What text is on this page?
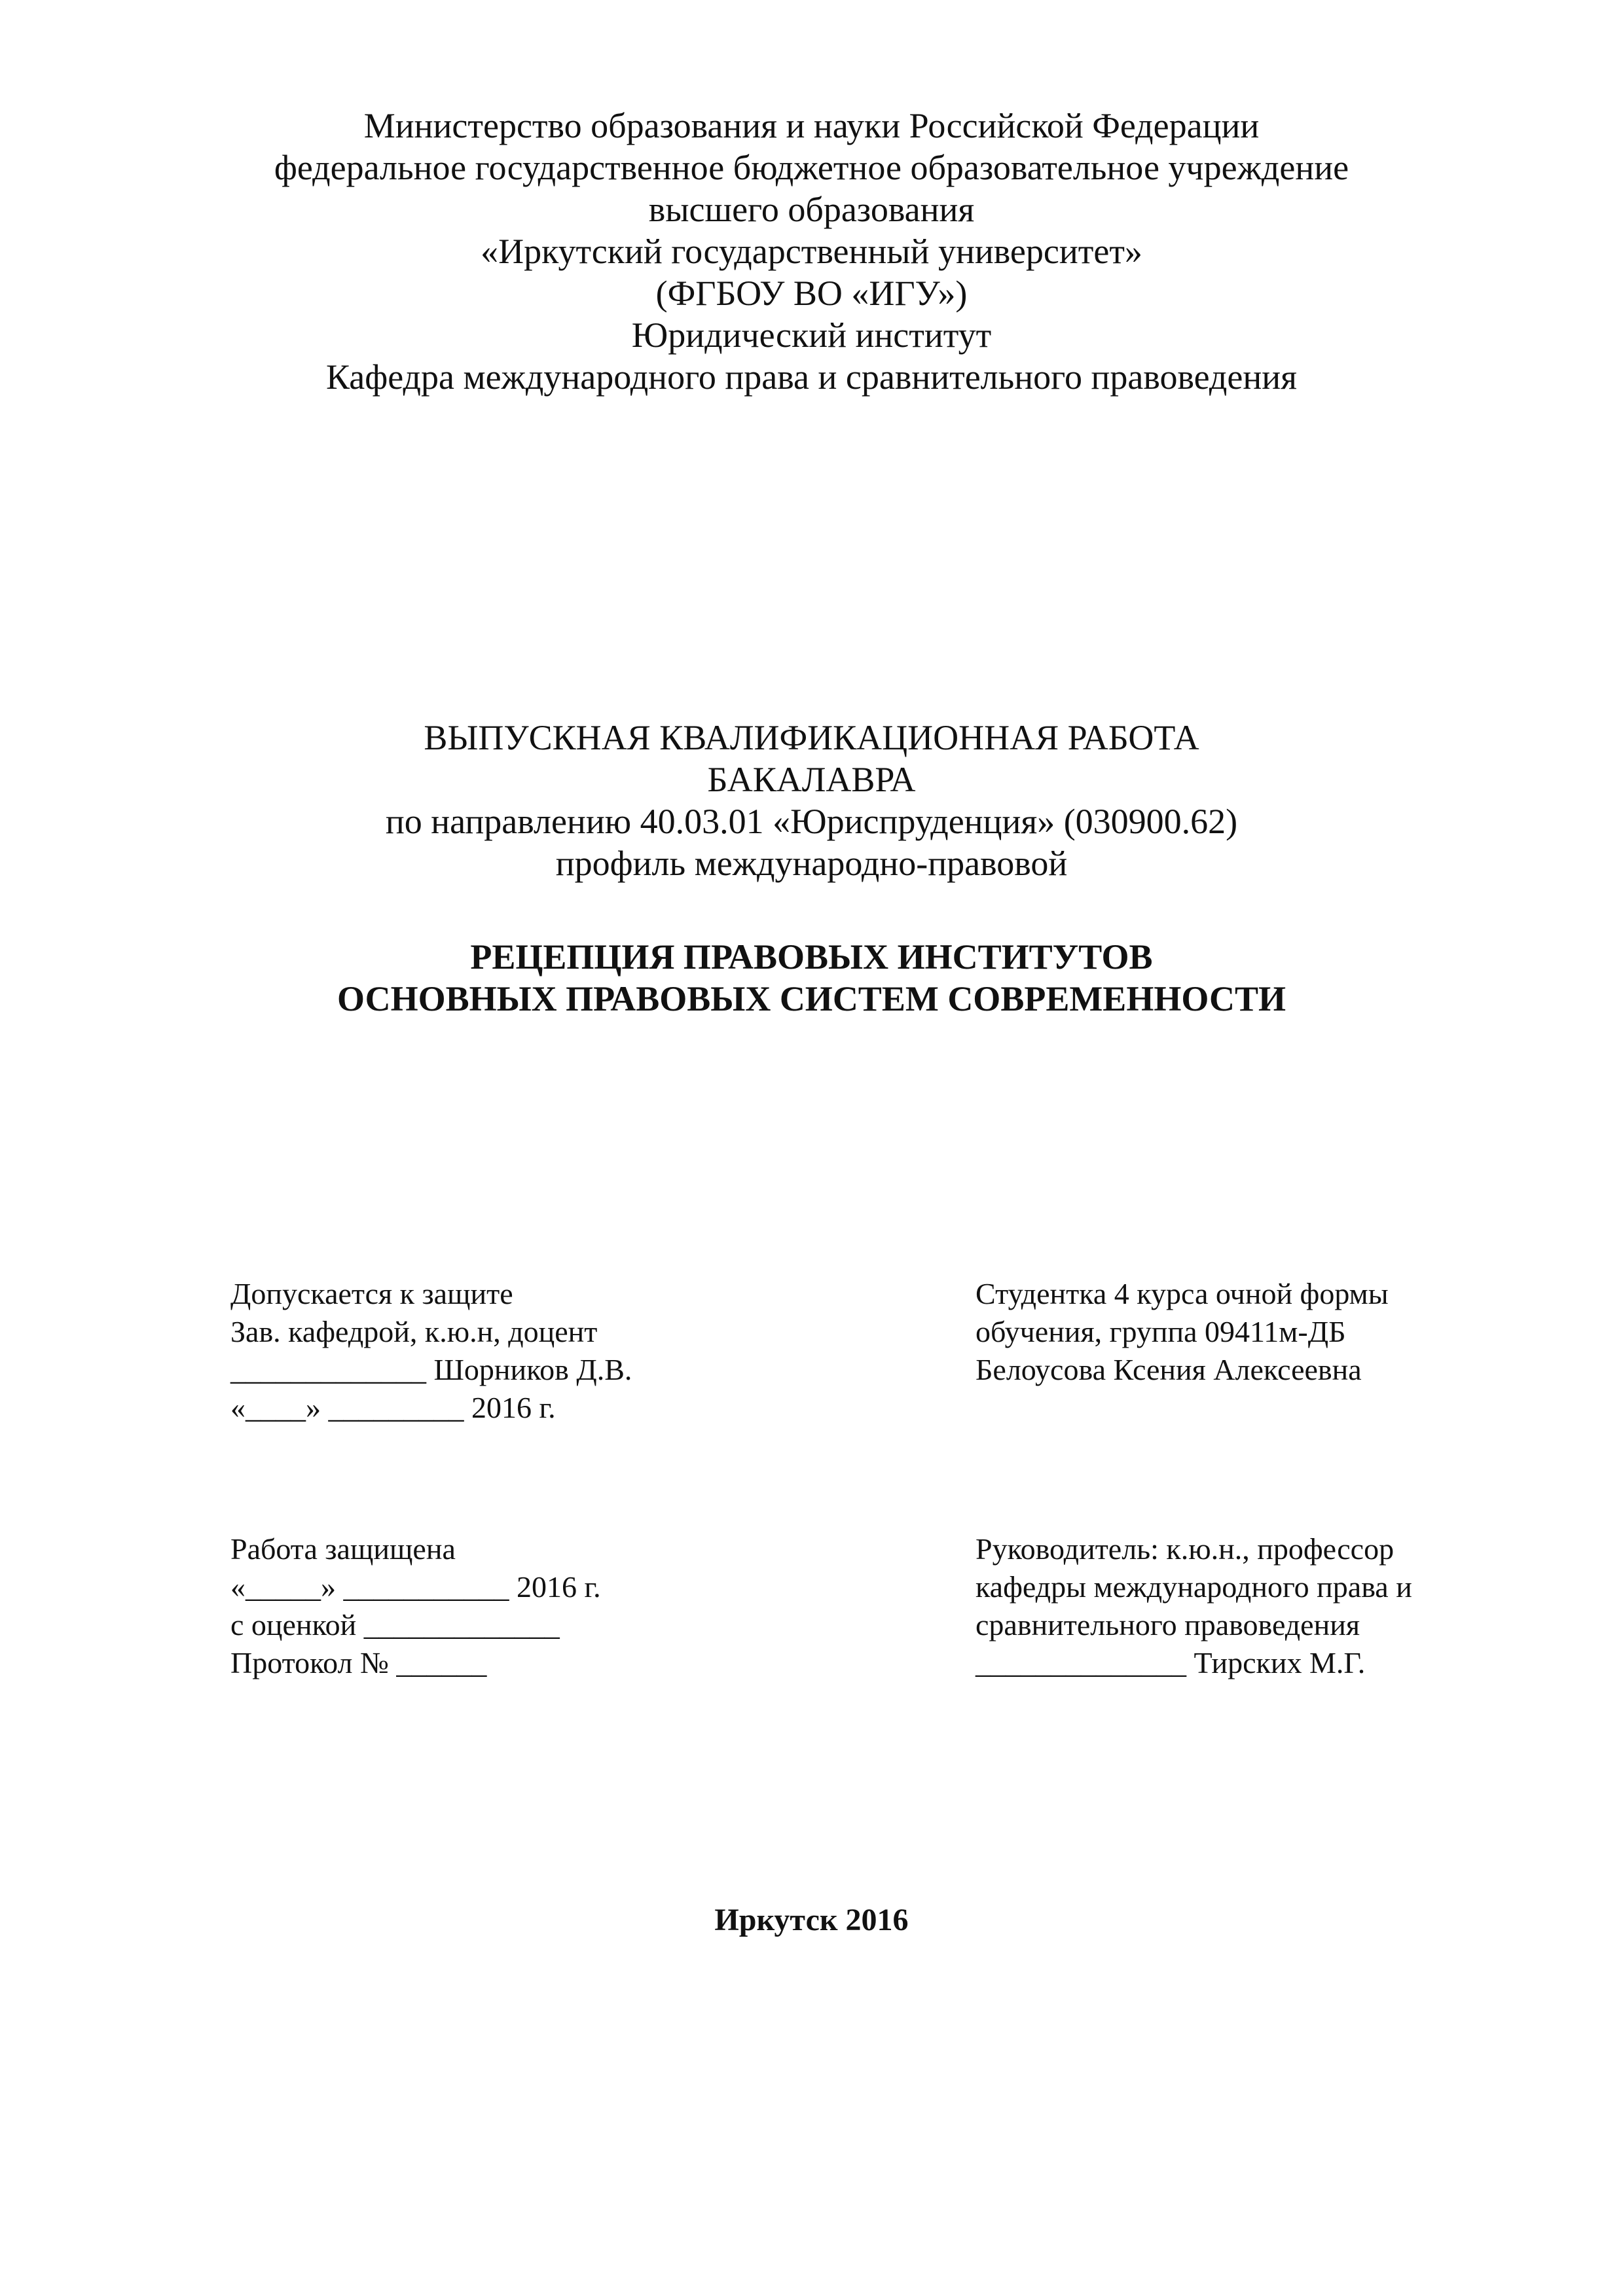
Министерство образования и науки Российской Федерации
федеральное государственное бюджетное образовательное учреждение
высшего образования
«Иркутский государственный университет»
(ФГБОУ ВО «ИГУ»)
Юридический институт
Кафедра международного права и сравнительного правоведения
ВЫПУСКНАЯ КВАЛИФИКАЦИОННАЯ РАБОТА
БАКАЛАВРА
по направлению 40.03.01 «Юриспруденция» (030900.62)
профиль международно-правовой
РЕЦЕПЦИЯ ПРАВОВЫХ ИНСТИТУТОВ
ОСНОВНЫХ ПРАВОВЫХ СИСТЕМ СОВРЕМЕННОСТИ
Допускается к защите
Зав. кафедрой, к.ю.н, доцент
_____________ Шорников Д.В.
«____» _________ 2016 г.
Студентка 4 курса очной формы
обучения, группа 09411м-ДБ
Белоусова Ксения Алексеевна
Работа защищена
«_____» ___________ 2016 г.
с оценкой _____________
Протокол № ______
Руководитель: к.ю.н., профессор
кафедры международного права и
сравнительного правоведения
______________ Тирских М.Г.
Иркутск 2016
